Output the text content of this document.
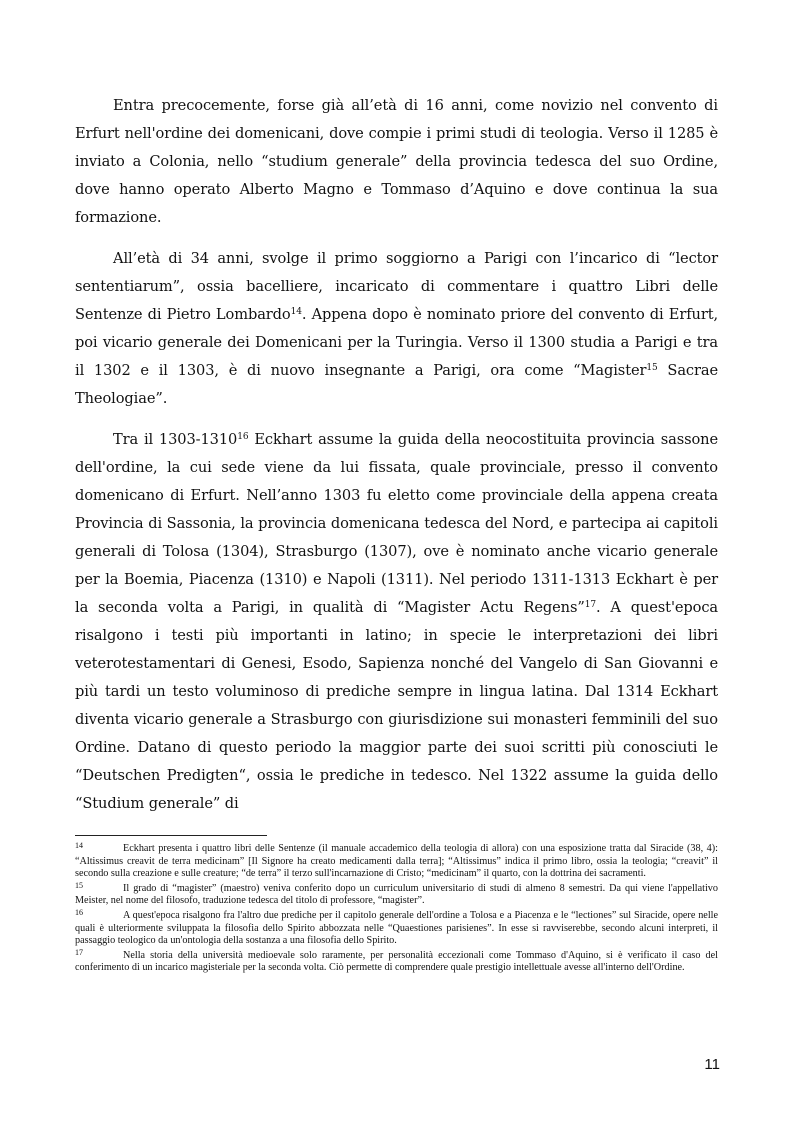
Entra precocemente, forse già all’età di 16 anni, come novizio nel convento di Erfurt nell'ordine dei domenicani, dove compie i primi studi di teologia. Verso il 1285 è inviato a Colonia, nello “studium generale” della provincia tedesca del suo Ordine, dove hanno operato Alberto Magno e Tommaso d’Aquino e dove continua la sua formazione.

All’età di 34 anni, svolge il primo soggiorno a Parigi con l’incarico di “lector sententiarum”, ossia bacelliere, incaricato di commentare i quattro Libri delle Sentenze di Pietro Lombardo$^{14}$. Appena dopo è nominato priore del convento di Erfurt, poi vicario generale dei Domenicani per la Turingia. Verso il 1300 studia a Parigi e tra il 1302 e il 1303, è di nuovo insegnante a Parigi, ora come “Magister$^{15}$ Sacrae Theologiae”.

Tra il 1303-1310$^{16}$ Eckhart assume la guida della neocostituita provincia sassone dell'ordine, la cui sede viene da lui fissata, quale provinciale, presso il convento domenicano di Erfurt. Nell’anno 1303 fu eletto come provinciale della appena creata Provincia di Sassonia, la provincia domenicana tedesca del Nord, e partecipa ai capitoli generali di Tolosa (1304), Strasburgo (1307), ove è nominato anche vicario generale per la Boemia, Piacenza (1310) e Napoli (1311). Nel periodo 1311-1313 Eckhart è per la seconda volta a Parigi, in qualità di “Magister Actu Regens”$^{17}$. A quest'epoca risalgono i testi più importanti in latino; in specie le interpretazioni dei libri veterotestamentari di Genesi, Esodo, Sapienza nonché del Vangelo di San Giovanni e più tardi un testo voluminoso di prediche sempre in lingua latina. Dal 1314 Eckhart diventa vicario generale a Strasburgo con giurisdizione sui monasteri femminili del suo Ordine. Datano di questo periodo la maggior parte dei suoi scritti più conosciuti le “Deutschen Predigten“, ossia le prediche in tedesco. Nel 1322 assume la guida dello “Studium generale” di

14	Eckhart presenta i quattro libri delle Sentenze (il manuale accademico della teologia di allora) con una esposizione tratta dal Siracide (38, 4): “Altissimus creavit de terra medicinam” [Il Signore ha creato medicamenti dalla terra]; “Altissimus” indica il primo libro, ossia la teologia; “creavit” il secondo sulla creazione e sulle creature; “de terra” il terzo sull'incarnazione di Cristo; “medicinam” il quarto, con la dottrina dei sacramenti.
15	Il grado di “magister” (maestro) veniva conferito dopo un curriculum universitario di studi di almeno 8 semestri. Da qui viene l'appellativo Meister, nel nome del filosofo, traduzione tedesca del titolo di professore, “magister”.
16	A quest'epoca risalgono fra l'altro due prediche per il capitolo generale dell'ordine a Tolosa e a Piacenza e le “lectiones” sul Siracide, opere nelle quali è ulteriormente sviluppata la filosofia dello Spirito abbozzata nelle “Quaestiones parisienes”. In esse si ravviserebbe, secondo alcuni interpreti, il passaggio teologico da un'ontologia della sostanza a una filosofia dello Spirito.
17	Nella storia della università medioevale solo raramente, per personalità eccezionali come Tommaso d'Aquino, si è verificato il caso del conferimento di un incarico magisteriale per la seconda volta. Ciò permette di comprendere quale prestigio intellettuale avesse all'interno dell'Ordine.
11
